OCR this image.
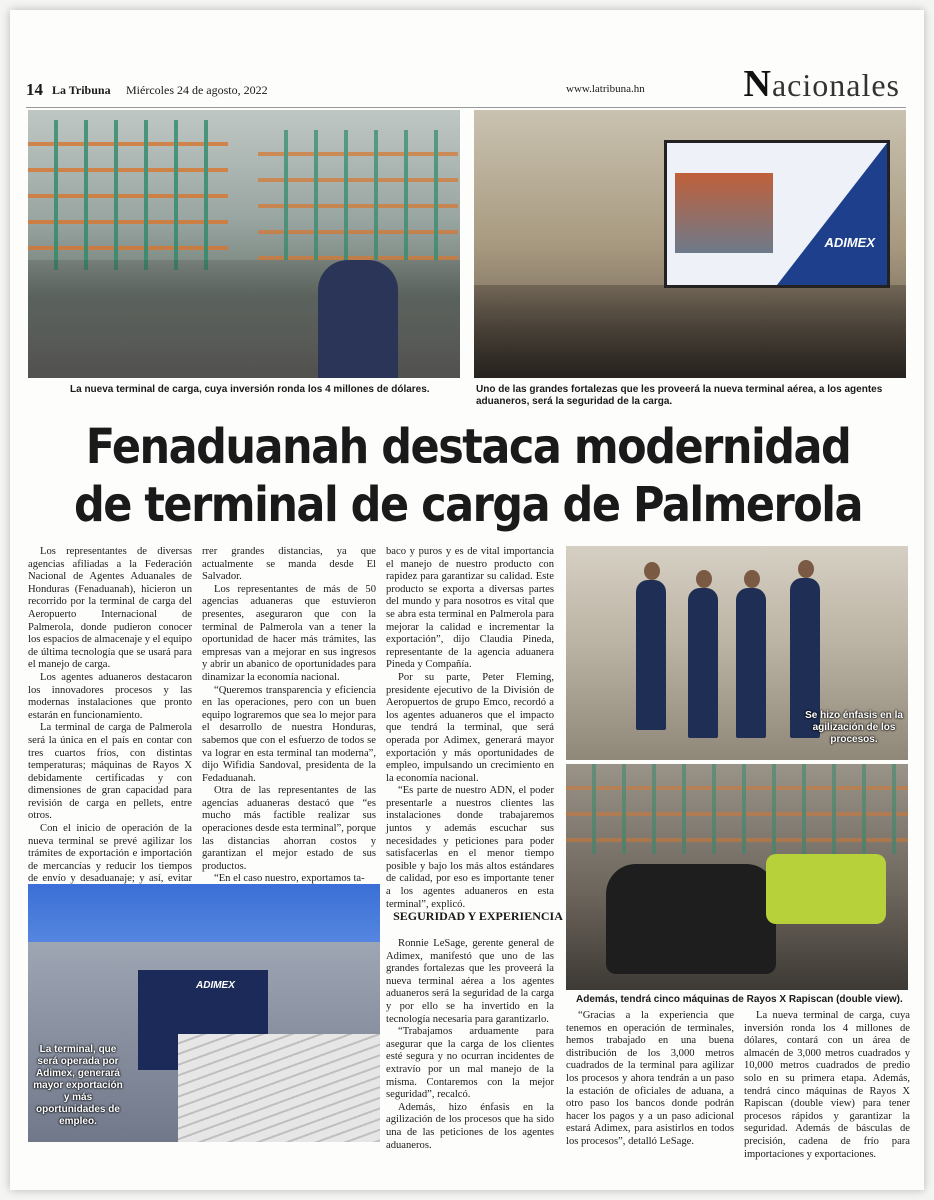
14 La Tribuna Miércoles 24 de agosto, 2022	www.latribuna.hn	Nacionales
La nueva terminal de carga, cuya inversión ronda los 4 millones de dólares.
ADIMEX
Uno de las grandes fortalezas que les proveerá la nueva terminal aérea, a los agentes aduaneros, será la seguridad de la carga.
Fenaduanah destaca modernidad
de terminal de carga de Palmerola

Los representantes de diversas agencias afiliadas a la Federación Nacional de Agentes Aduanales de Honduras (Fenaduanah), hicieron un recorrido por la terminal de carga del Aeropuerto Internacional de Palmerola, donde pudieron conocer los espacios de almacenaje y el equipo de última tecnología que se usará para el manejo de carga.

Los agentes aduaneros destacaron los innovadores procesos y las modernas instalaciones que pronto estarán en funcionamiento.

La terminal de carga de Palmerola será la única en el país en contar con tres cuartos fríos, con distintas temperaturas; máquinas de Rayos X debidamente certificadas y con dimensiones de gran capacidad para revisión de carga en pellets, entre otros.

Con el inicio de operación de la nueva terminal se prevé agilizar los trámites de exportación e importación de mercancías y reducir los tiempos de envío y desaduanaje; y así, evitar

rrer grandes distancias, ya que actualmente se manda desde El Salvador.

Los representantes de más de 50 agencias aduaneras que estuvieron presentes, aseguraron que con la terminal de Palmerola van a tener la oportunidad de hacer más trámites, las empresas van a mejorar en sus ingresos y abrir un abanico de oportunidades para dinamizar la economía nacional.

“Queremos transparencia y eficiencia en las operaciones, pero con un buen equipo lograremos que sea lo mejor para el desarrollo de nuestra Honduras, sabemos que con el esfuerzo de todos se va lograr en esta terminal tan moderna”, dijo Wifidia Sandoval, presidenta de la Fedaduanah.

Otra de las representantes de las agencias aduaneras destacó que “es mucho más factible realizar sus operaciones desde esta terminal”, porque las distancias ahorran costos y garantizan el mejor estado de sus productos.

“En el caso nuestro, exportamos ta-

baco y puros y es de vital importancia el manejo de nuestro producto con rapidez para garantizar su calidad. Este producto se exporta a diversas partes del mundo y para nosotros es vital que se abra esta terminal en Palmerola para mejorar la calidad e incrementar la exportación”, dijo Claudia Pineda, representante de la agencia aduanera Pineda y Compañía.

Por su parte, Peter Fleming, presidente ejecutivo de la División de Aeropuertos de grupo Emco, recordó a los agentes aduaneros que el impacto que tendrá la terminal, que será operada por Adimex, generará mayor exportación y más oportunidades de empleo, impulsando un crecimiento en la economía nacional.

“Es parte de nuestro ADN, el poder presentarle a nuestros clientes las instalaciones donde trabajaremos juntos y además escuchar sus necesidades y peticiones para poder satisfacerlas en el menor tiempo posible y bajo los más altos estándares de calidad, por eso es importante tener a los agentes aduaneros en esta terminal”, explicó.

SEGURIDAD Y EXPERIENCIA

Ronnie LeSage, gerente general de Adimex, manifestó que uno de las grandes fortalezas que les proveerá la nueva terminal aérea a los agentes aduaneros será la seguridad de la carga y por ello se ha invertido en la tecnología necesaria para garantizarlo.

“Trabajamos arduamente para asegurar que la carga de los clientes esté segura y no ocurran incidentes de extravío por un mal manejo de la misma. Contaremos con la mejor seguridad”, recalcó.

Además, hizo énfasis en la agilización de los procesos que ha sido una de las peticiones de los agentes aduaneros.

Se hizo énfasis en la agilización de los procesos.
Además, tendrá cinco máquinas de Rayos X Rapiscan (double view).
ADIMEX
La terminal, que será operada por Adimex, generará mayor exportación y más oportunidades de empleo.

“Gracias a la experiencia que tenemos en operación de terminales, hemos trabajado en una buena distribución de los 3,000 metros cuadrados de la terminal para agilizar los procesos y ahora tendrán a un paso la estación de oficiales de aduana, a otro paso los bancos donde podrán hacer los pagos y a un paso adicional estará Adimex, para asistirlos en todos los procesos”, detalló LeSage.

La nueva terminal de carga, cuya inversión ronda los 4 millones de dólares, contará con un área de almacén de 3,000 metros cuadrados y 10,000 metros cuadrados de predio solo en su primera etapa. Además, tendrá cinco máquinas de Rayos X Rapiscan (double view) para tener procesos rápidos y garantizar la seguridad. Además de básculas de precisión, cadena de frío para importaciones y exportaciones.
